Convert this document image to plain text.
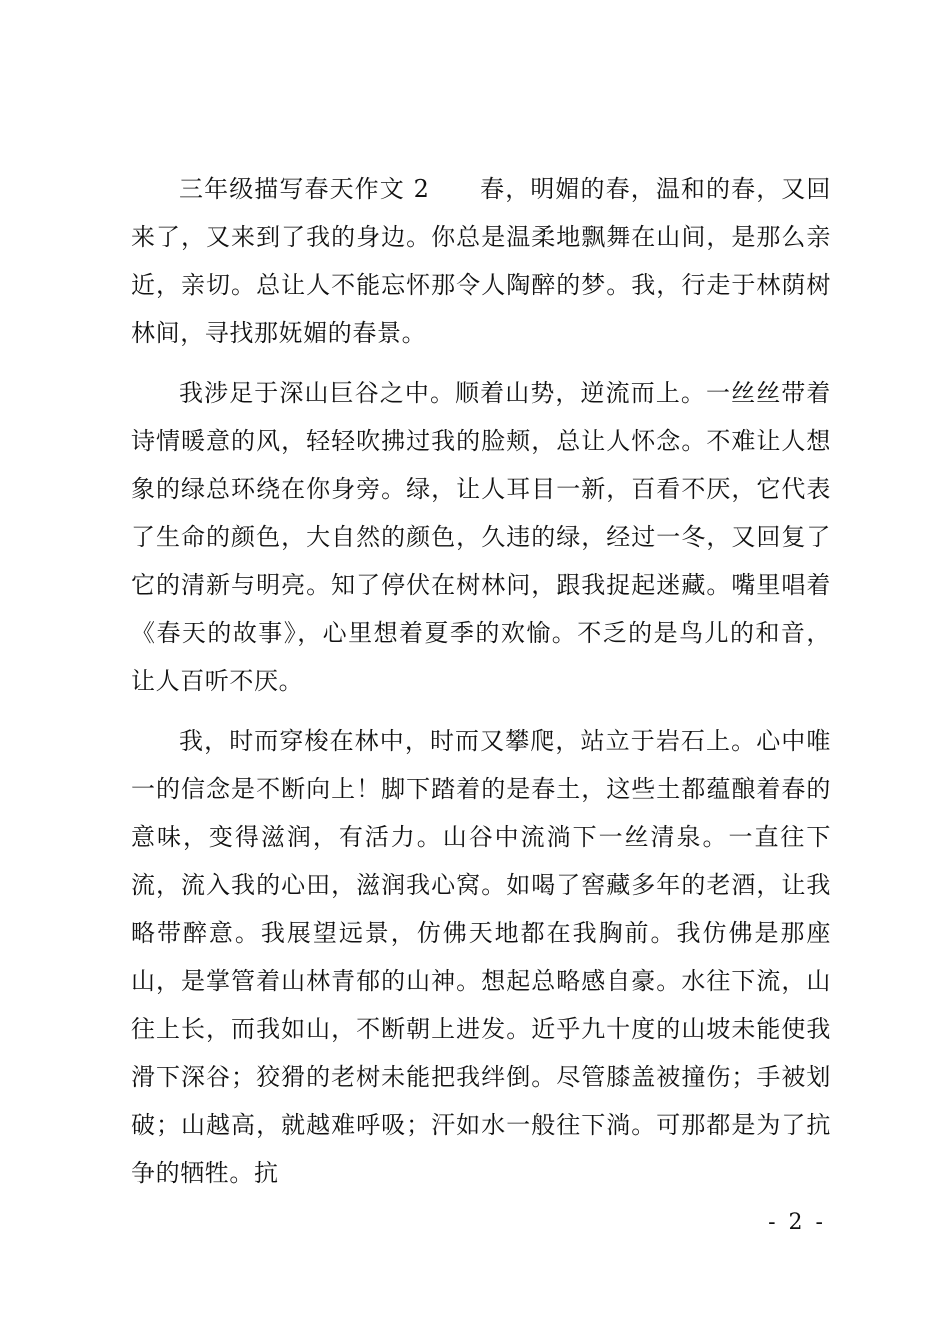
三年级描写春天作文 2　　春，明媚的春，温和的春，又回来了，又来到了我的身边。你总是温柔地飘舞在山间，是那么亲近，亲切。总让人不能忘怀那令人陶醉的梦。我，行走于林荫树林间，寻找那妩媚的春景。

我涉足于深山巨谷之中。顺着山势，逆流而上。一丝丝带着诗情暖意的风，轻轻吹拂过我的脸颊，总让人怀念。不难让人想象的绿总环绕在你身旁。绿，让人耳目一新，百看不厌，它代表了生命的颜色，大自然的颜色，久违的绿，经过一冬，又回复了它的清新与明亮。知了停伏在树林问，跟我捉起迷藏。嘴里唱着《春天的故事》，心里想着夏季的欢愉。不乏的是鸟儿的和音，让人百听不厌。

我，时而穿梭在林中，时而又攀爬，站立于岩石上。心中唯一的信念是不断向上！脚下踏着的是春土，这些土都蕴酿着春的意味，变得滋润，有活力。山谷中流淌下一丝清泉。一直往下流，流入我的心田，滋润我心窝。如喝了窖藏多年的老酒，让我略带醉意。我展望远景，仿佛天地都在我胸前。我仿佛是那座山，是掌管着山林青郁的山神。想起总略感自豪。水往下流，山往上长，而我如山，不断朝上进发。近乎九十度的山坡未能使我滑下深谷；狡猾的老树未能把我绊倒。尽管膝盖被撞伤；手被划破；山越高，就越难呼吸；汗如水一般往下淌。可那都是为了抗争的牺牲。抗

- 2 -
